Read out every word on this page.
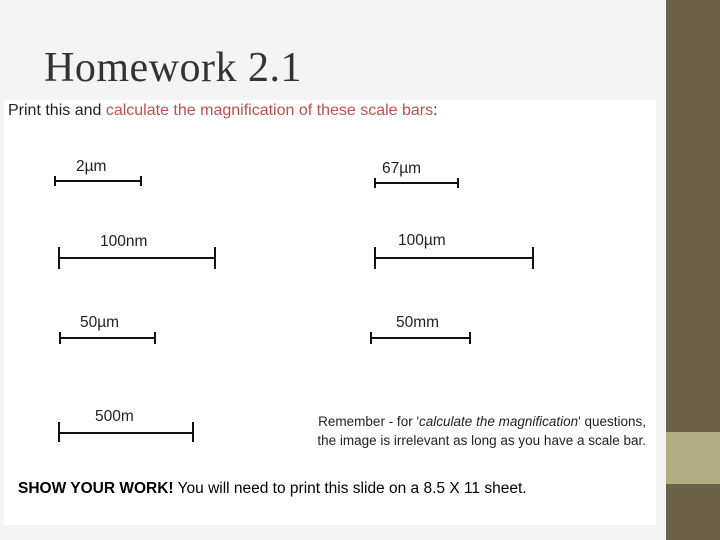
Homework 2.1
Print this and calculate the magnification of these scale bars:
2µm	67µm
100nm	100µm
50µm	50mm
500m	Remember - for 'calculate the magnification' questions,
the image is irrelevant as long as you have a scale bar.
SHOW YOUR WORK! You will need to print this slide on a 8.5 X 11 sheet.
